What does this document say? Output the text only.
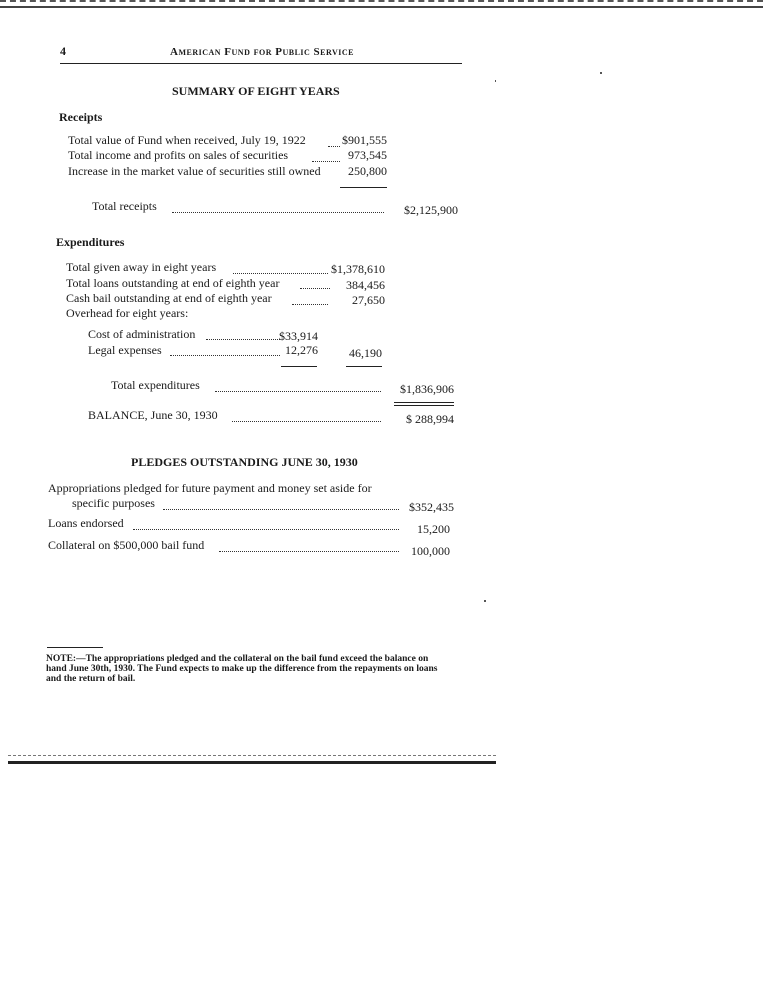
4	American Fund for Public Service
SUMMARY OF EIGHT YEARS
Receipts
Total value of Fund when received, July 19, 1922	$901,555
Total income and profits on sales of securities	973,545
Increase in the market value of securities still owned	250,800
Total receipts	$2,125,900
Expenditures
Total given away in eight years	$1,378,610
Total loans outstanding at end of eighth year	384,456
Cash bail outstanding at end of eighth year	27,650
Overhead for eight years:
Cost of administration	$33,914
Legal expenses	12,276	46,190
Total expenditures	$1,836,906
BALANCE, June 30, 1930	$ 288,994
PLEDGES OUTSTANDING JUNE 30, 1930
Appropriations pledged for future payment and money set aside for
specific purposes	$352,435
Loans endorsed	15,200
Collateral on $500,000 bail fund	100,000
NOTE:—The appropriations pledged and the collateral on the bail fund exceed the balance on hand June 30th, 1930. The Fund expects to make up the difference from the repayments on loans and the return of bail.
